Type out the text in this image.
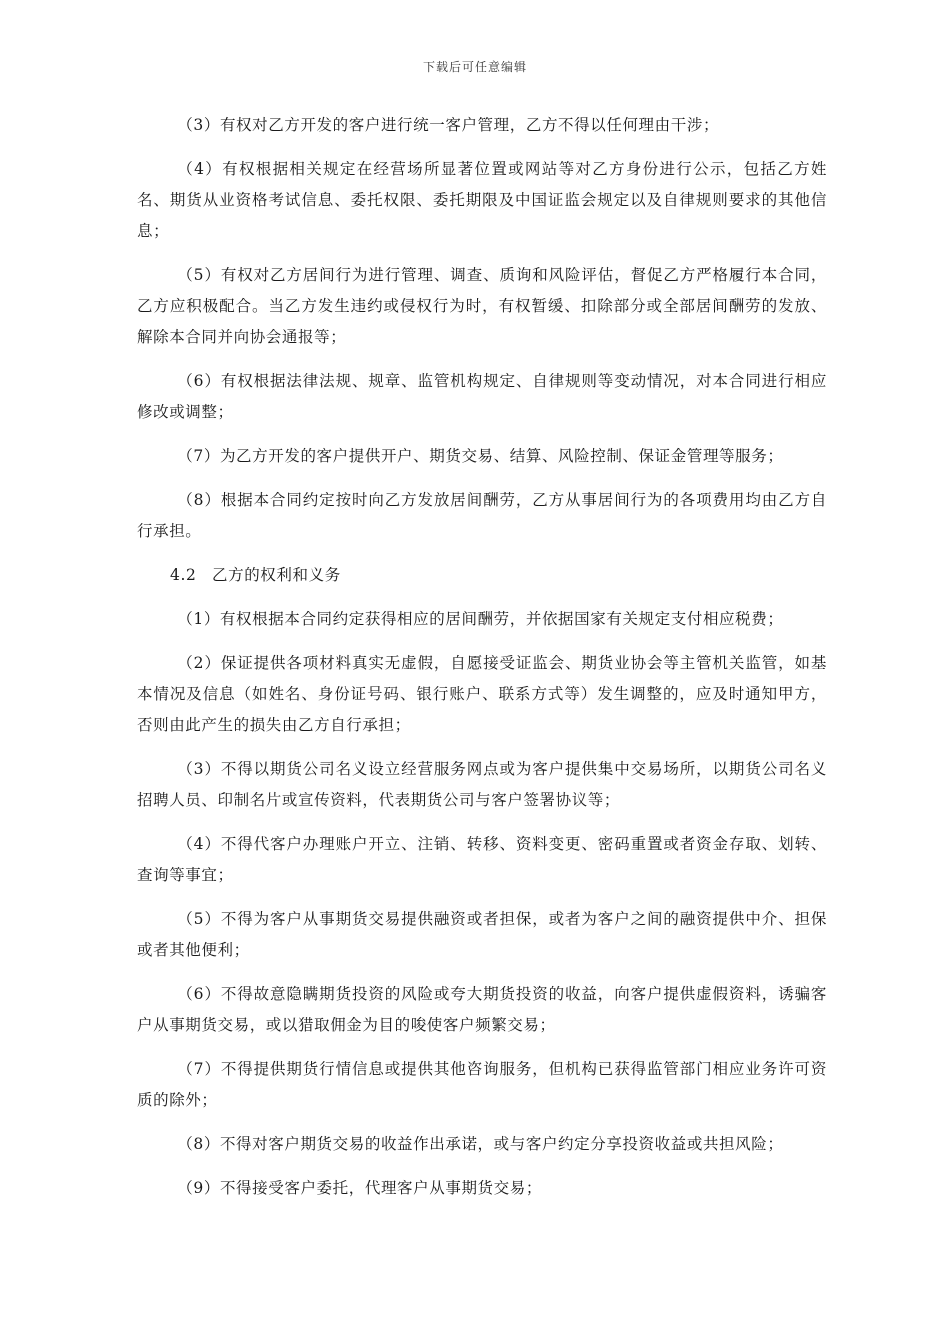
下载后可任意编辑

（3）有权对乙方开发的客户进行统一客户管理，乙方不得以任何理由干涉；

（4）有权根据相关规定在经营场所显著位置或网站等对乙方身份进行公示，包括乙方姓名、期货从业资格考试信息、委托权限、委托期限及中国证监会规定以及自律规则要求的其他信息；

（5）有权对乙方居间行为进行管理、调查、质询和风险评估，督促乙方严格履行本合同，乙方应积极配合。当乙方发生违约或侵权行为时，有权暂缓、扣除部分或全部居间酬劳的发放、解除本合同并向协会通报等；

（6）有权根据法律法规、规章、监管机构规定、自律规则等变动情况，对本合同进行相应修改或调整；

（7）为乙方开发的客户提供开户、期货交易、结算、风险控制、保证金管理等服务；

（8）根据本合同约定按时向乙方发放居间酬劳，乙方从事居间行为的各项费用均由乙方自行承担。

4.2 乙方的权利和义务

（1）有权根据本合同约定获得相应的居间酬劳，并依据国家有关规定支付相应税费；

（2）保证提供各项材料真实无虚假，自愿接受证监会、期货业协会等主管机关监管，如基本情况及信息（如姓名、身份证号码、银行账户、联系方式等）发生调整的，应及时通知甲方，否则由此产生的损失由乙方自行承担；

（3）不得以期货公司名义设立经营服务网点或为客户提供集中交易场所，以期货公司名义招聘人员、印制名片或宣传资料，代表期货公司与客户签署协议等；

（4）不得代客户办理账户开立、注销、转移、资料变更、密码重置或者资金存取、划转、查询等事宜；

（5）不得为客户从事期货交易提供融资或者担保，或者为客户之间的融资提供中介、担保或者其他便利；

（6）不得故意隐瞒期货投资的风险或夸大期货投资的收益，向客户提供虚假资料，诱骗客户从事期货交易，或以猎取佣金为目的唆使客户频繁交易；

（7）不得提供期货行情信息或提供其他咨询服务，但机构已获得监管部门相应业务许可资质的除外；

（8）不得对客户期货交易的收益作出承诺，或与客户约定分享投资收益或共担风险；

（9）不得接受客户委托，代理客户从事期货交易；
